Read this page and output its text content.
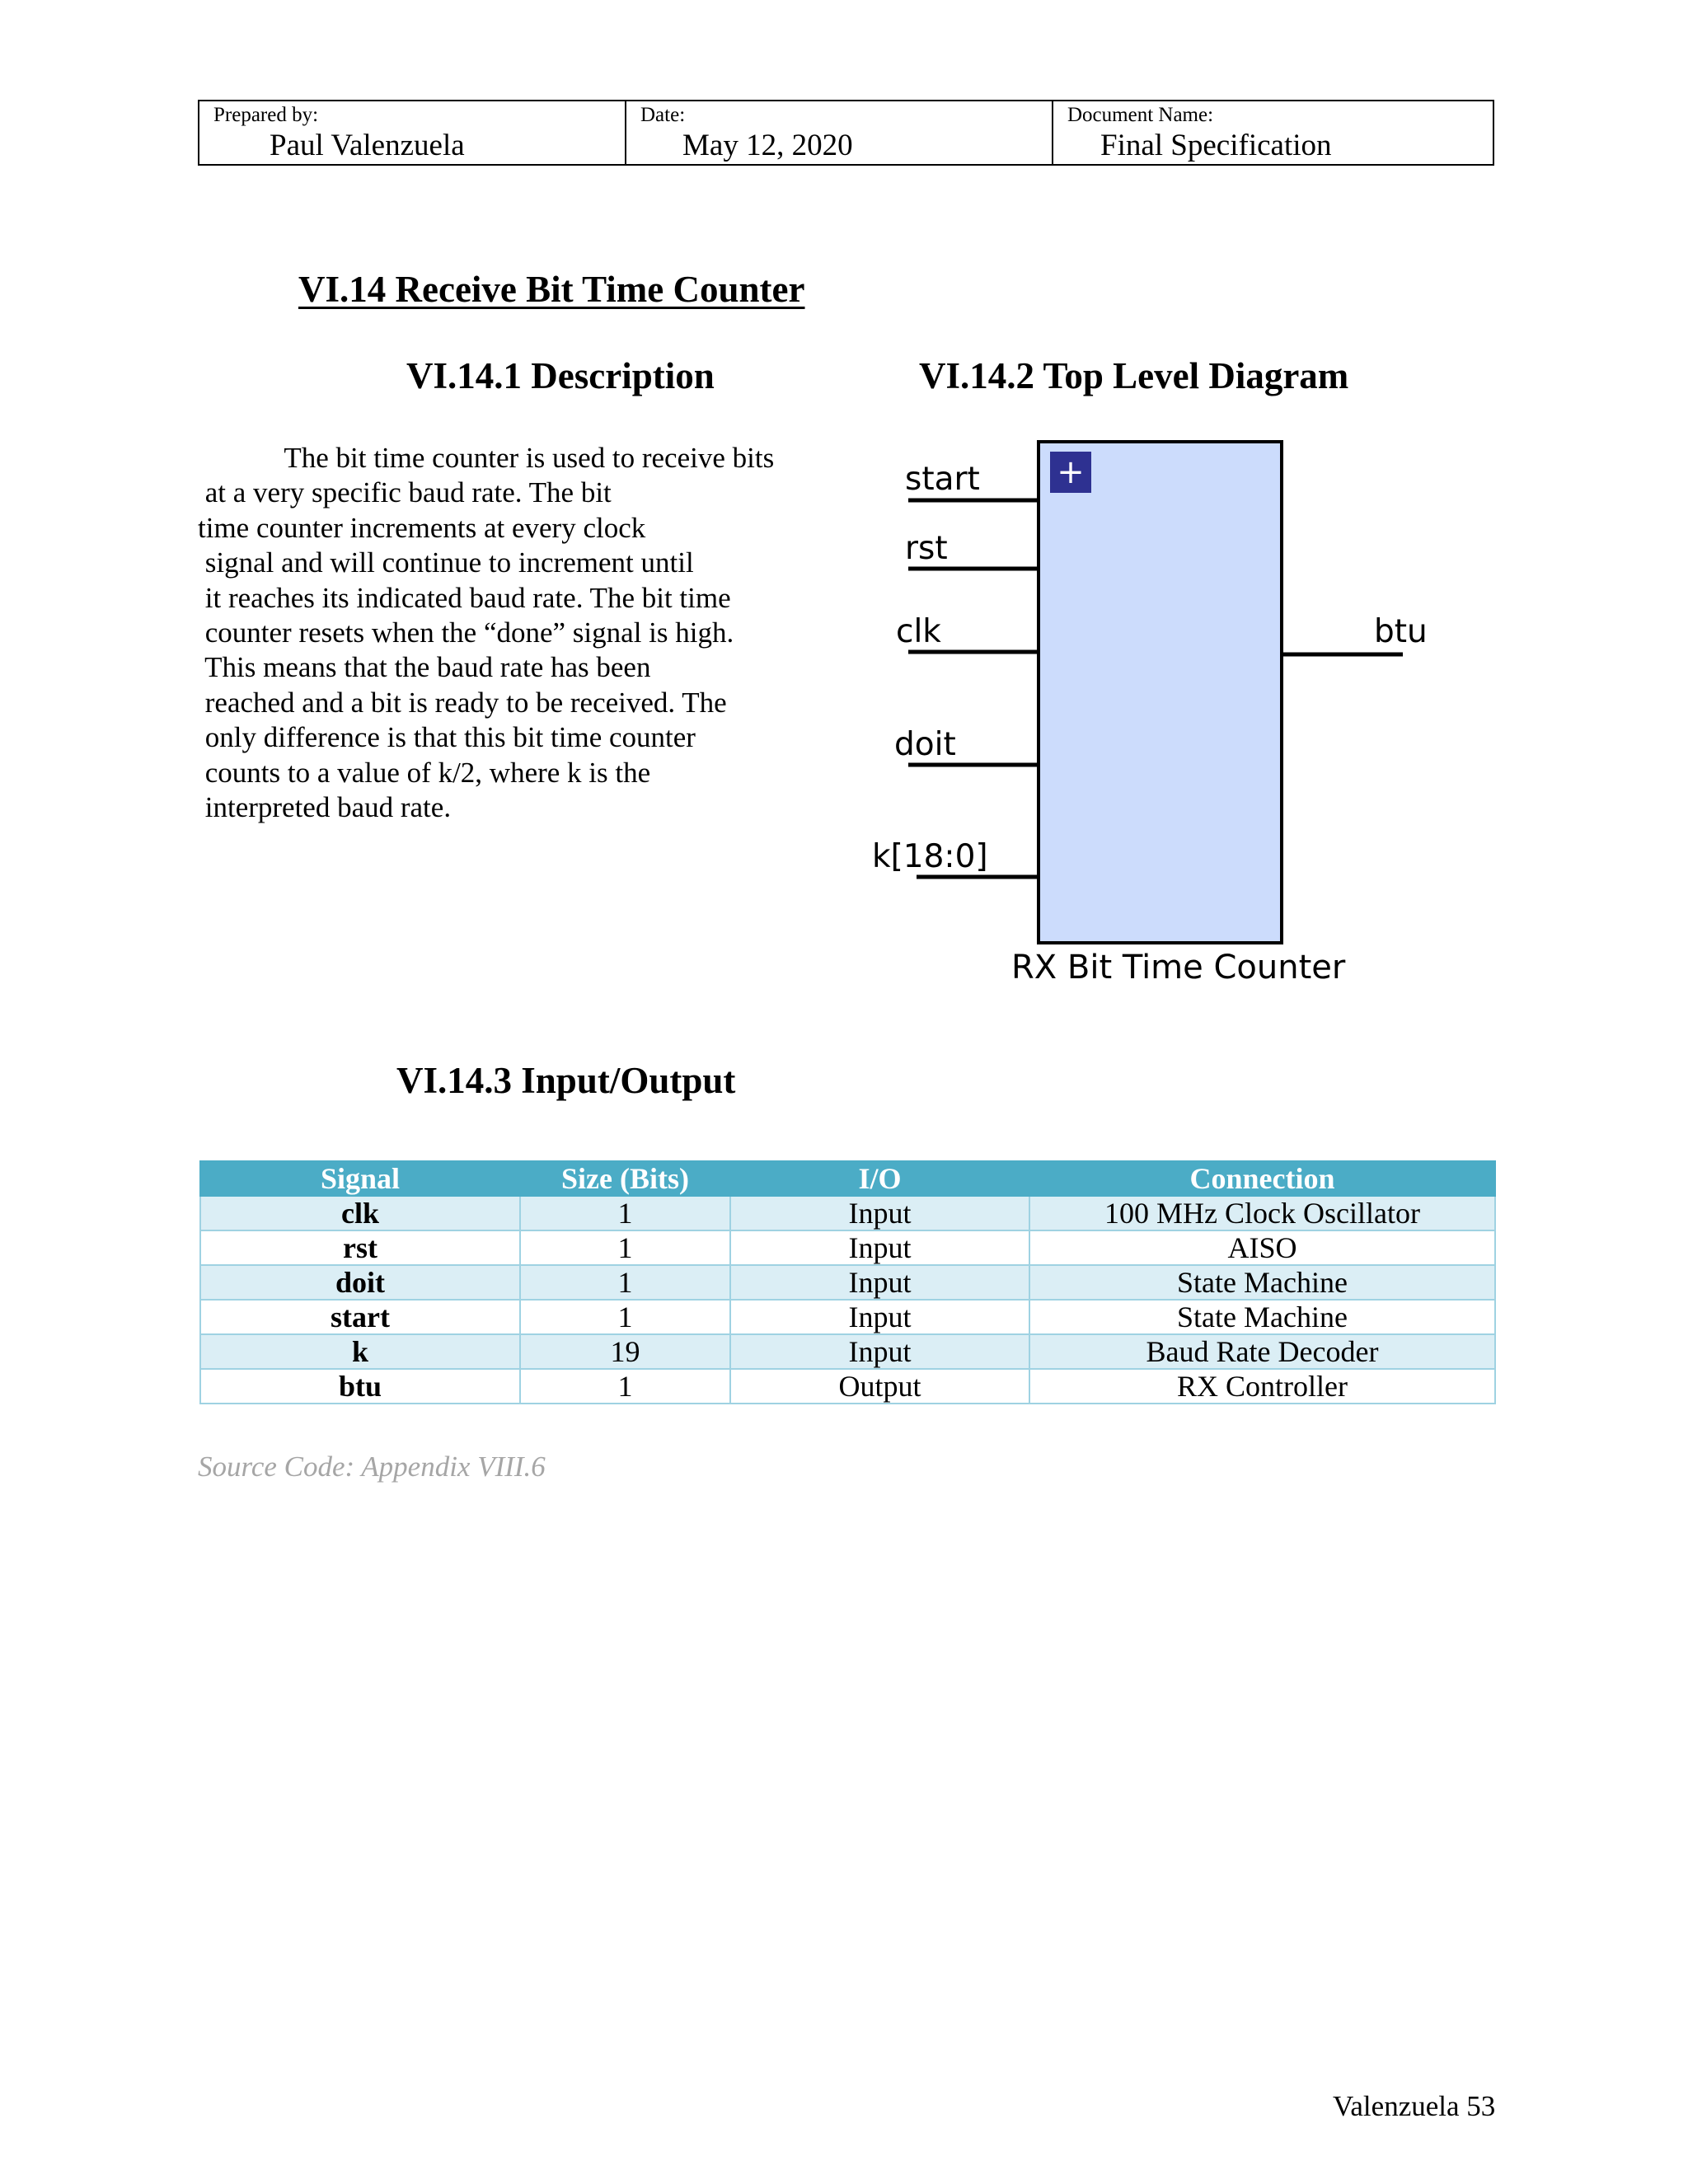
Prepared by:
Paul Valenzuela
Date:
May 12, 2020
Document Name:
Final Specification
VI.14 Receive Bit Time Counter
VI.14.1 Description
The bit time counter is used to receive bits
at a very specific baud rate. The bit
time counter increments at every clock
signal and will continue to increment until
it reaches its indicated baud rate. The bit time
counter resets when the “done” signal is high.
This means that the baud rate has been
reached and a bit is ready to be received. The
only difference is that this bit time counter
counts to a value of k/2, where k is the
interpreted baud rate.
VI.14.2 Top Level Diagram
+
start
rst
clk
doit
k[18:0]
btu
RX Bit Time Counter
VI.14.3 Input/Output
Signal	Size (Bits)	I/O	Connection
clk	1	Input	100 MHz Clock Oscillator
rst	1	Input	AISO
doit	1	Input	State Machine
start	1	Input	State Machine
k	19	Input	Baud Rate Decoder
btu	1	Output	RX Controller
Source Code: Appendix VIII.6
Valenzuela 53
